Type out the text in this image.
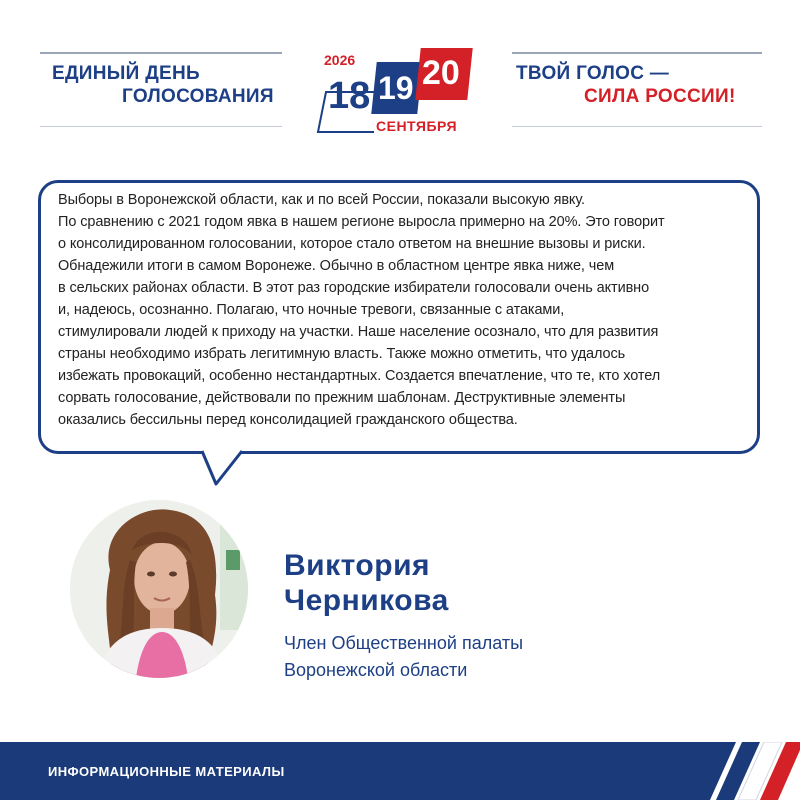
ЕДИНЫЙ ДЕНЬ
ГОЛОСОВАНИЯ
2026
18 19 20
СЕНТЯБРЯ
ТВОЙ ГОЛОС —
СИЛА РОССИИ!
Выборы в Воронежской области, как и по всей России, показали высокую явку.
По сравнению с 2021 годом явка в нашем регионе выросла примерно на 20%. Это говорит
о консолидированном голосовании, которое стало ответом на внешние вызовы и риски.
Обнадежили итоги в самом Воронеже. Обычно в областном центре явка ниже, чем
в сельских районах области. В этот раз городские избиратели голосовали очень активно
и, надеюсь, осознанно. Полагаю, что ночные тревоги, связанные с атаками,
стимулировали людей к приходу на участки. Наше население осознало, что для развития
страны необходимо избрать легитимную власть. Также можно отметить, что удалось
избежать провокаций, особенно нестандартных. Создается впечатление, что те, кто хотел
сорвать голосование, действовали по прежним шаблонам. Деструктивные элементы
оказались бессильны перед консолидацией гражданского общества.
Виктория
Черникова
Член Общественной палаты
Воронежской области
ИНФОРМАЦИОННЫЕ МАТЕРИАЛЫ
